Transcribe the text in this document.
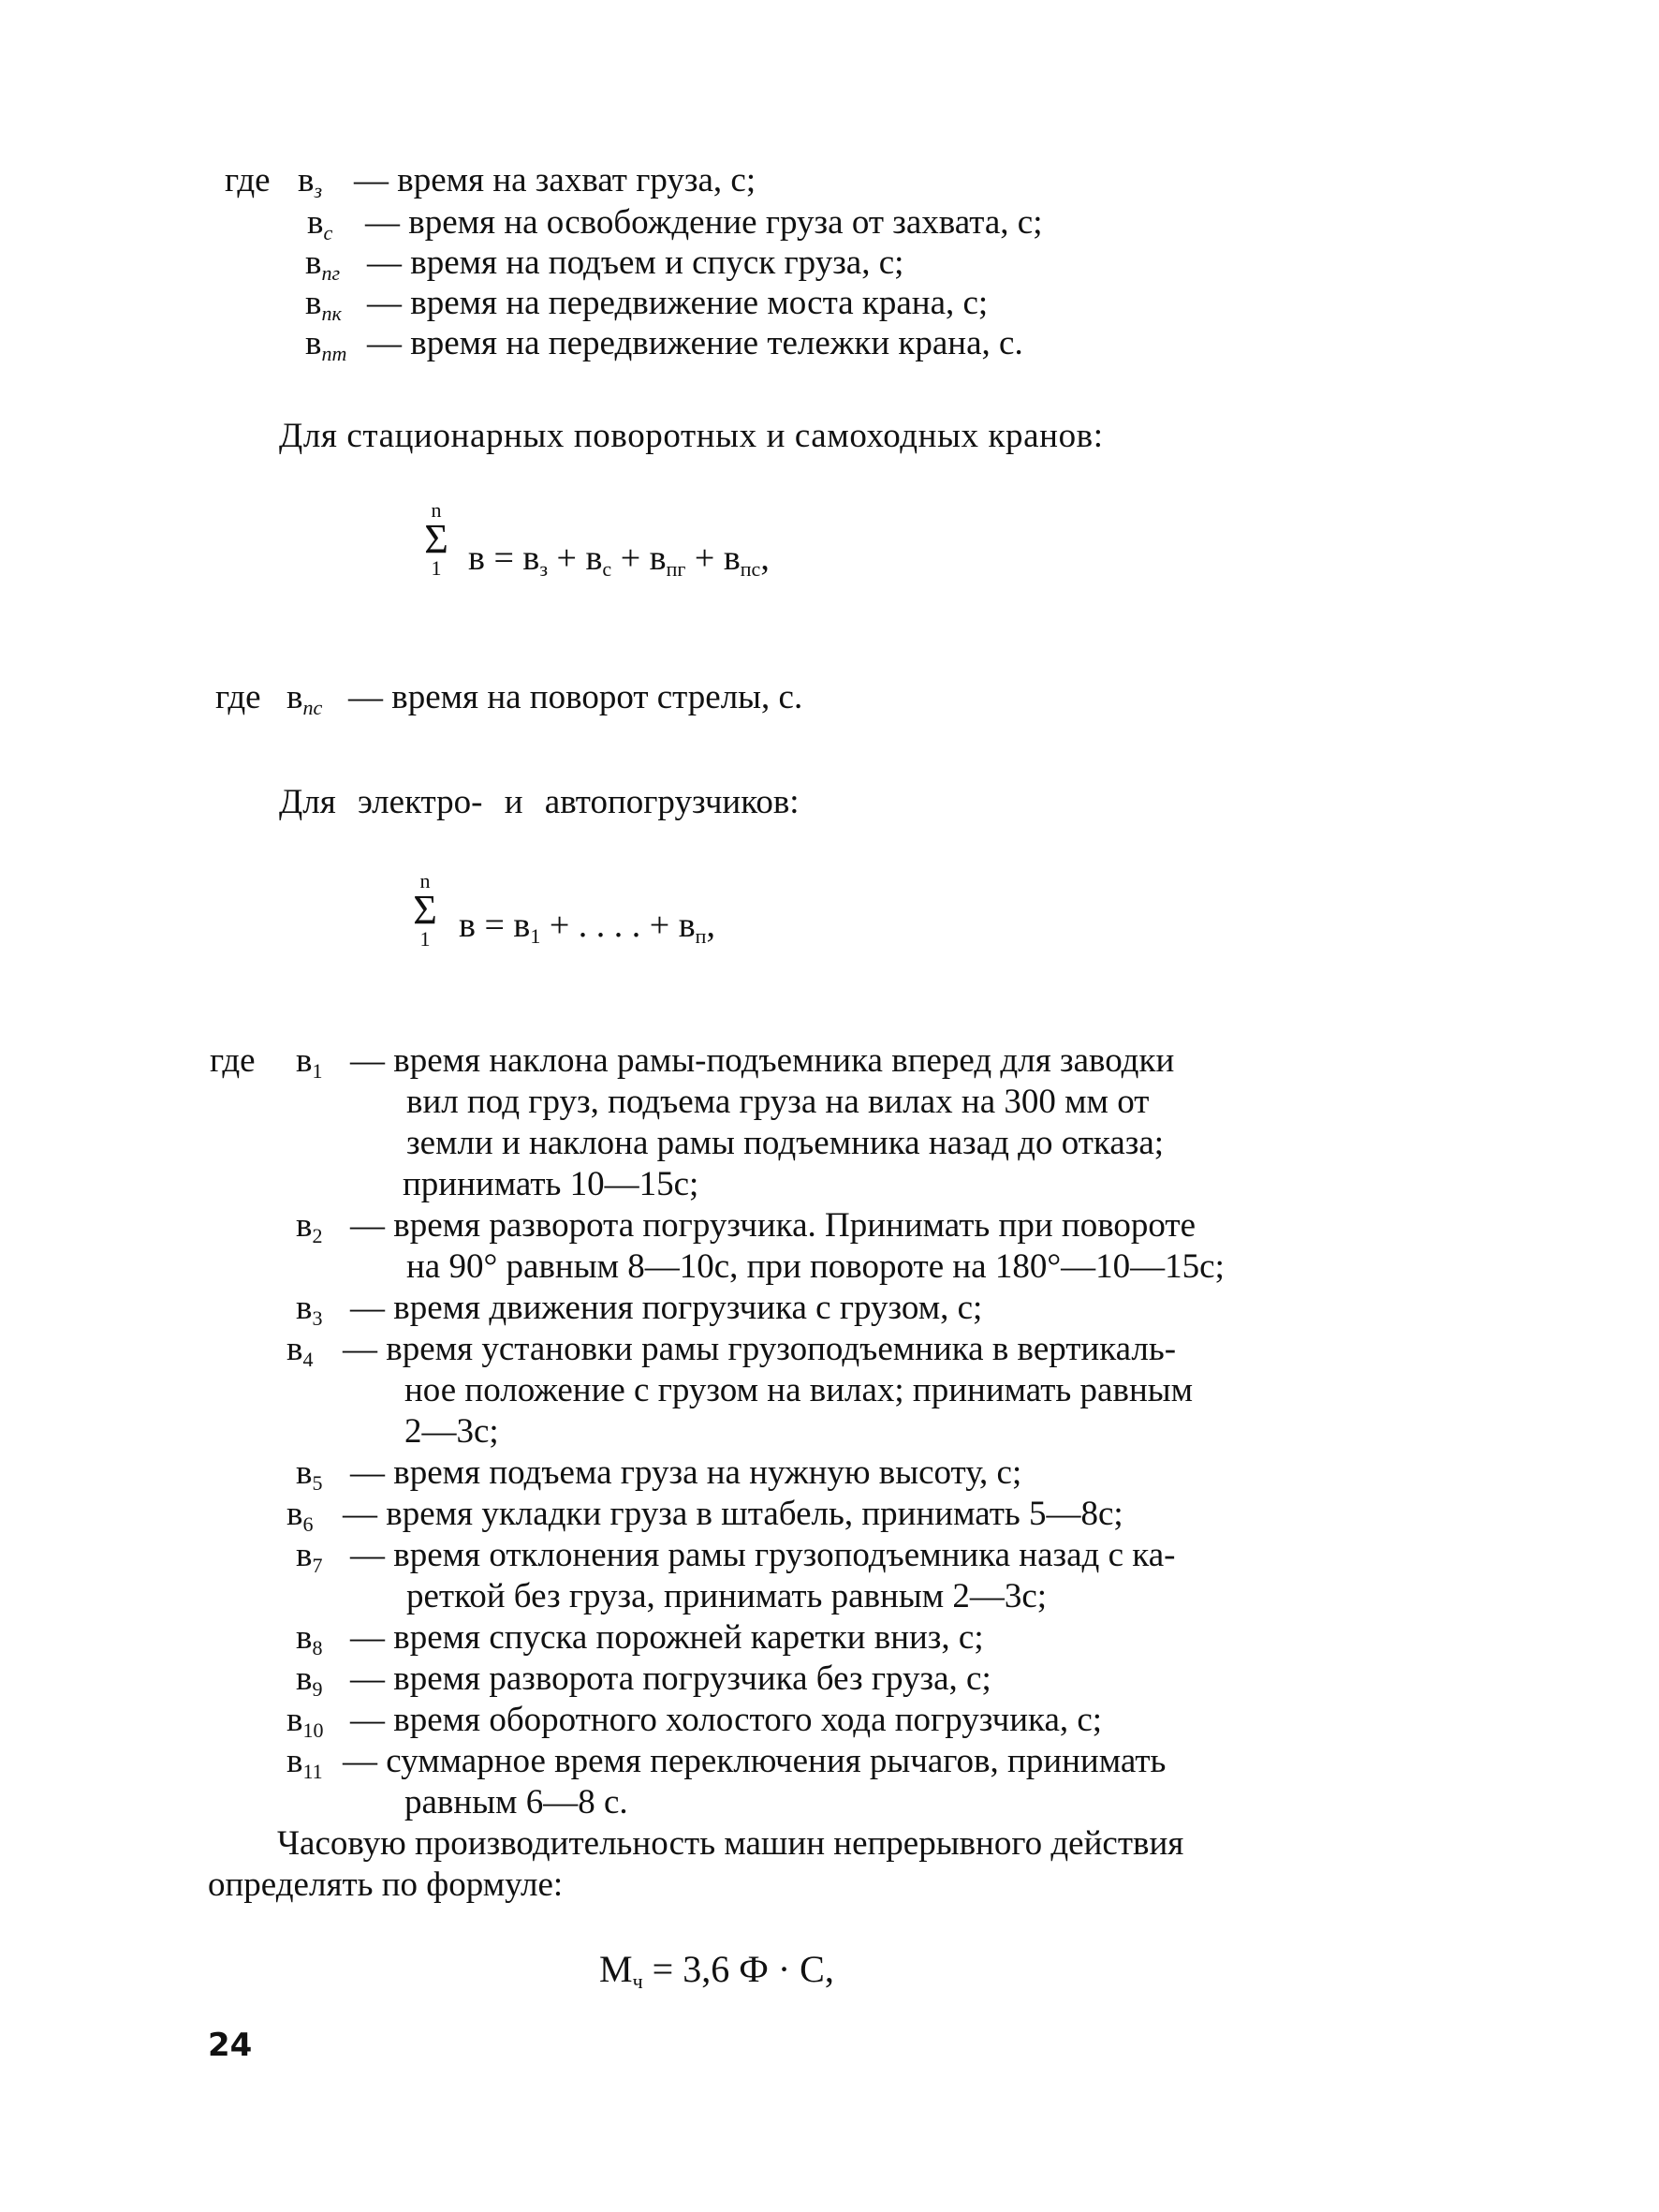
где $в_з$ — время на захват груза, с;
$в_с$ — время на освобождение груза от захвата, с;
$в_{пг}$ — время на подъем и спуск груза, с;
$в_{пк}$ — время на передвижение моста крана, с;
$в_{пт}$ — время на передвижение тележки крана, с.
Для стационарных поворотных и самоходных кранов:
n
Σ
1 $в = в_з + в_с + в_{пг} + в_{пс}$,
где $в_{пс}$ — время на поворот стрелы, с.
Для электро- и автопогрузчиков:
n
Σ
1 $в = в_1$ + . . . . + $в_п$,
где $в_1$ — время наклона рамы-подъемника вперед для заводки
вил под груз, подъема груза на вилах на 300 мм от
земли и наклона рамы подъемника назад до отказа;
принимать 10—15с;
$в_2$ — время разворота погрузчика. Принимать при повороте
на 90° равным 8—10с, при повороте на 180°—10—15с;
$в_3$ — время движения погрузчика с грузом, с;
$в_4$ — время установки рамы грузоподъемника в вертикаль-
ное положение с грузом на вилах; принимать равным
2—3с;
$в_5$ — время подъема груза на нужную высоту, с;
$в_6$ — время укладки груза в штабель, принимать 5—8с;
$в_7$ — время отклонения рамы грузоподъемника назад с ка-
реткой без груза, принимать равным 2—3с;
$в_8$ — время спуска порожней каретки вниз, с;
$в_9$ — время разворота погрузчика без груза, с;
$в_{10}$ — время оборотного холостого хода погрузчика, с;
$в_{11}$ — суммарное время переключения рычагов, принимать
равным 6—8 с.
Часовую производительность машин непрерывного действия
определять по формуле:
$М_ч = 3,6$ Ф · С,
24
